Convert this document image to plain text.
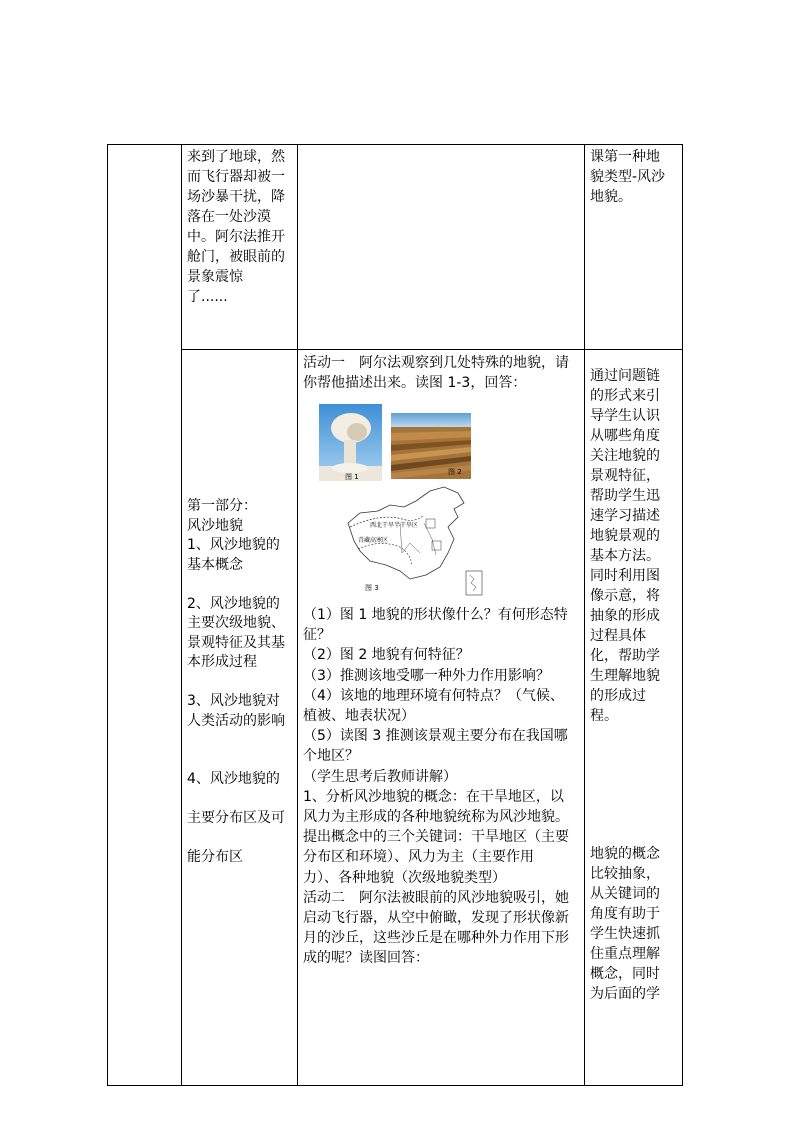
来到了地球，然
而飞行器却被一
场沙暴干扰，降
落在一处沙漠
中。阿尔法推开
舱门，被眼前的
景象震惊
了......
课第一种地
貌类型-风沙
地貌。
第一部分：
风沙地貌
1、风沙地貌的
基本概念

2、风沙地貌的
主要次级地貌、
景观特征及其基
本形成过程

3、风沙地貌对
人类活动的影响

4、风沙地貌的

主要分布区及可

能分布区
活动一　阿尔法观察到几处特殊的地貌，请
你帮他描述出来。读图 1-3，回答：
图 1
图 2
西北干旱半干旱区
青藏高寒区
图 3
（1）图 1 地貌的形状像什么？有何形态特
征？
（2）图 2 地貌有何特征？
（3）推测该地受哪一种外力作用影响？
（4）该地的地理环境有何特点？（气候、
植被、地表状况）
（5）读图 3 推测该景观主要分布在我国哪
个地区？
（学生思考后教师讲解）
1、分析风沙地貌的概念：在干旱地区，以
风力为主形成的各种地貌统称为风沙地貌。
提出概念中的三个关键词：干旱地区（主要
分布区和环境）、风力为主（主要作用
力）、各种地貌（次级地貌类型）
活动二　阿尔法被眼前的风沙地貌吸引，她
启动飞行器，从空中俯瞰，发现了形状像新
月的沙丘，这些沙丘是在哪种外力作用下形
成的呢？读图回答：
通过问题链
的形式来引
导学生认识
从哪些角度
关注地貌的
景观特征，
帮助学生迅
速学习描述
地貌景观的
基本方法。
同时利用图
像示意，将
抽象的形成
过程具体
化，帮助学
生理解地貌
的形成过
程。
地貌的概念
比较抽象，
从关键词的
角度有助于
学生快速抓
住重点理解
概念，同时
为后面的学
